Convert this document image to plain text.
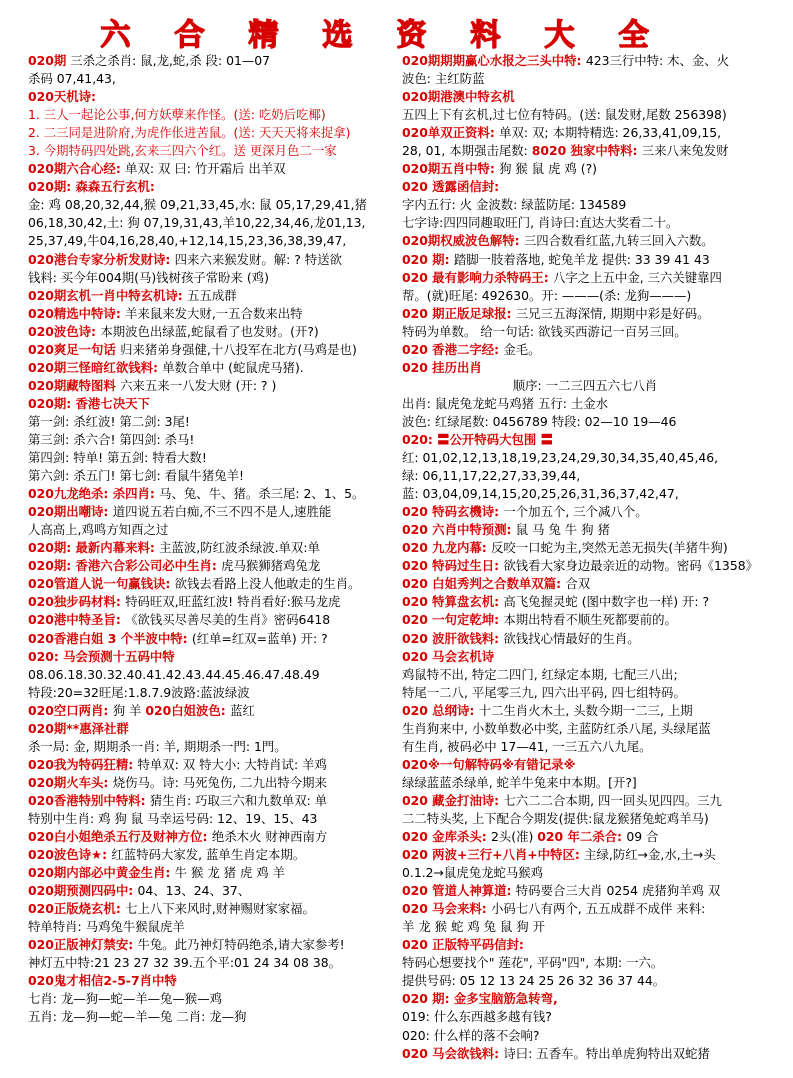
六合精选资料大全
020期 三杀之杀肖: 鼠,龙,蛇,杀 段: 01—07
杀码 07,41,43,
020天机诗:
1. 三人一起论公事,何方妖孽来作怪。(送: 吃奶后吃椰)
2. 二三同是进阶府,为虎作伥进苦鼠。(送: 天天天将来捉拿)
3. 今期特码四处跳,玄来三四六个红。送 更深月色二一家
020期六合心经: 单双: 双 曰: 竹开霜后 出羊双
020期: 森森五行玄机:
金: 鸡 08,20,32,44,猴 09,21,33,45,水: 鼠 05,17,29,41,猪
06,18,30,42,土: 狗 07,19,31,43,羊10,22,34,46,龙01,13,
25,37,49,牛04,16,28,40,+12,14,15,23,36,38,39,47,
020港台专家分析发财诗: 四来六来猴发财。解: ? 特送欲
钱料: 买今年004期(马)钱树孩子常盼来 (鸡)
020期玄机一肖中特玄机诗: 五五成群
020精选中特诗: 羊来鼠来发大财,一五合数来出特
020波色诗: 本期波色出绿蓝,蛇鼠看了也发财。(开?)
020爽足一句话 归来猪弟身强健,十八投军在北方(马鸡是也)
020期三怪暗红欲钱料: 单数合单中 (蛇鼠虎马猪).
020期藏特图料 六来五来一八发大财 (开: ? )
020期: 香港七决天下
第一剑: 杀红波! 第二剑: 3尾!
第三剑: 杀六合! 第四剑: 杀马!
第四剑: 特单! 第五剑: 特看大数!
第六剑: 杀五门! 第七剑: 看鼠牛猪兔羊!
020九龙绝杀: 杀四肖: 马、兔、牛、猪。杀三尾: 2、1、5。
020期出嘲诗: 道四说五若白痴,不三不四不是人,速胜能
人高高上,鸡鸣方知酉之过
020期: 最新内幕来料: 主蓝波,防红波杀绿波.单双:单
020期: 香港六合彩公司必中生肖: 虎马猴狮猪鸡兔龙
020管道人说一句赢钱诀: 欲钱去看路上没人他敢走的生肖。
020独步码材料: 特码旺双,旺蓝红波! 特肖看好:猴马龙虎
020港中特圣旨: 《欲钱买尽善尽美的生肖》密码6418
020香港白姐 3 个半波中特: (红单=红双=蓝单) 开: ?
020: 马会预测十五码中特
08.06.18.30.32.40.41.42.43.44.45.46.47.48.49
特段:20=32旺尾:1.8.7.9波路:蓝波绿波
020空口两肖: 狗 羊 020白姐波色: 蓝红
020期**惠泽社群
杀一局: 金, 期期杀一肖: 羊, 期期杀一門: 1門。
020我为特码狂精: 特单双: 双 特大小: 大特肖试: 羊鸡
020期火车头: 烧伤马。诗: 马死兔伤, 二九出特今期来
020香港特别中特料: 猜生肖: 巧取三六和九数单双: 单
特别中生肖: 鸡 狗 鼠 马幸运号码: 12、19、15、43
020白小姐绝杀五行及财神方位: 绝杀木火 财神西南方
020波色诗★: 红蓝特码大家发, 蓝单生肖定本期。
020期内部必中黄金生肖: 牛 猴 龙 猪 虎 鸡 羊
020期预测四码中: 04、13、24、37、
020正版烧玄机: 七上八下来风时,财神赐财家家福。
特单特肖: 马鸡兔牛猴鼠虎羊
020正版神灯禁安: 牛兔。此乃神灯特码绝杀,请大家参考!
神灯五中特:21 23 27 32 39.五个平:01 24 34 08 38。
020鬼才相信2-5-7肖中特
七肖: 龙—狗—蛇—羊—兔—猴—鸡
五肖: 龙—狗—蛇—羊—兔 二肖: 龙—狗
020期期期赢心水报之三头中特: 423三行中特: 木、金、火
波色: 主红防蓝
020期港澳中特玄机
五四上下有玄机,过七位有特码。(送: 鼠发财,尾数 256398)
020单双正资料: 单双: 双; 本期特精选: 26,33,41,09,15,
28, 01, 本期强击尾数: 8020 独家中特料: 三来八来兔发财
020期五肖中特: 狗 猴 鼠 虎 鸡 (?)
020 透露函信封:
字内五行: 火 金波数: 绿蓝防尾: 134589
七字诗:四四同趣取旺门, 肖诗曰:直达大奖看二十。
020期权威波色解特: 三四合数看红蓝,九转三回入六数。
020 期: 踏脚一肢着落地, 蛇兔羊龙 提供: 33 39 41 43
020 最有影响力杀特码王: 八字之上五中金, 三六关键靠四
帮。(就)旺尾: 492630。开: ———(杀: 龙狗———)
020 期正版足球报: 三兄三五海深情, 期期中彩是好码。
特码为单数。 给一句话: 欲钱买西游记一百另三回。
020 香港二字经: 金毛。
020 挂历出肖
顺序: 一二三四五六七八肖
出肖: 鼠虎兔龙蛇马鸡猪 五行: 土金水
波色: 红绿尾数: 0456789 特段: 02—10 19—46
020: 〓公开特码大包围 〓
红: 01,02,12,13,18,19,23,24,29,30,34,35,40,45,46,
绿: 06,11,17,22,27,33,39,44,
蓝: 03,04,09,14,15,20,25,26,31,36,37,42,47,
020 特码玄機诗: 一个加五个, 三个减八个。
020 六肖中特预测: 鼠 马 兔 牛 狗 猪
020 九龙内幕: 反咬一口蛇为主,突然无恙无损失(羊猪牛狗)
020 特码过生日: 欲钱看大家身边最亲近的动物。密码《1358》
020 白姐秀判之合数单双篇: 合双
020 特算盘玄机: 高飞兔握灵蛇 (图中数字也一样) 开: ?
020 一句定乾坤: 本期出特看不顺生死都要前的。
020 波肝欲钱料: 欲钱找心情最好的生肖。
020 马会玄机诗
鸡鼠特不出, 特定二四门, 红绿定本期, 七配三八出;
特尾一二八, 平尾零三九, 四六出平码, 四七组特码。
020 总纲诗: 十二生肖火木土, 头数今期一二三, 上期
生肖狗来中, 小数单数必中奖, 主蓝防红杀八尾, 头绿尾蓝
有生肖, 被码必中 17—41, 一三五六八九尾。
020※一句解特码※有错记录※
绿绿蓝蓝杀绿单, 蛇羊牛兔来中本期。[开?]
020 藏金打油诗: 七六二二合本期, 四一回头见四四。三九
二二特头奖, 上下配合今期发(提供:鼠龙猴猪兔蛇鸡羊马)
020 金库杀头: 2头(准) 020 年二杀合: 09 合
020 两波+三行+八肖+中特区: 主绿,防红→金,水,土→头
0.1.2→鼠虎兔龙蛇马猴鸡
020 管道人神算道: 特码要合三大肖 0254 虎猪狗羊鸡 双
020 马会来料: 小码七八有两个, 五五成群不成伴 来料:
羊 龙 猴 蛇 鸡 兔 鼠 狗 开
020 正版特平码信封:
特码心想要找个" 莲花", 平码"四", 本期: 一六。
提供号码: 05 12 13 24 25 26 32 36 37 44。
020 期: 金多宝脑筋急转弯,
019: 什么东西越多越有钱?
020: 什么样的落不会响?
020 马会欲钱料: 诗曰: 五香车。特出单虎狗特出双蛇猪
